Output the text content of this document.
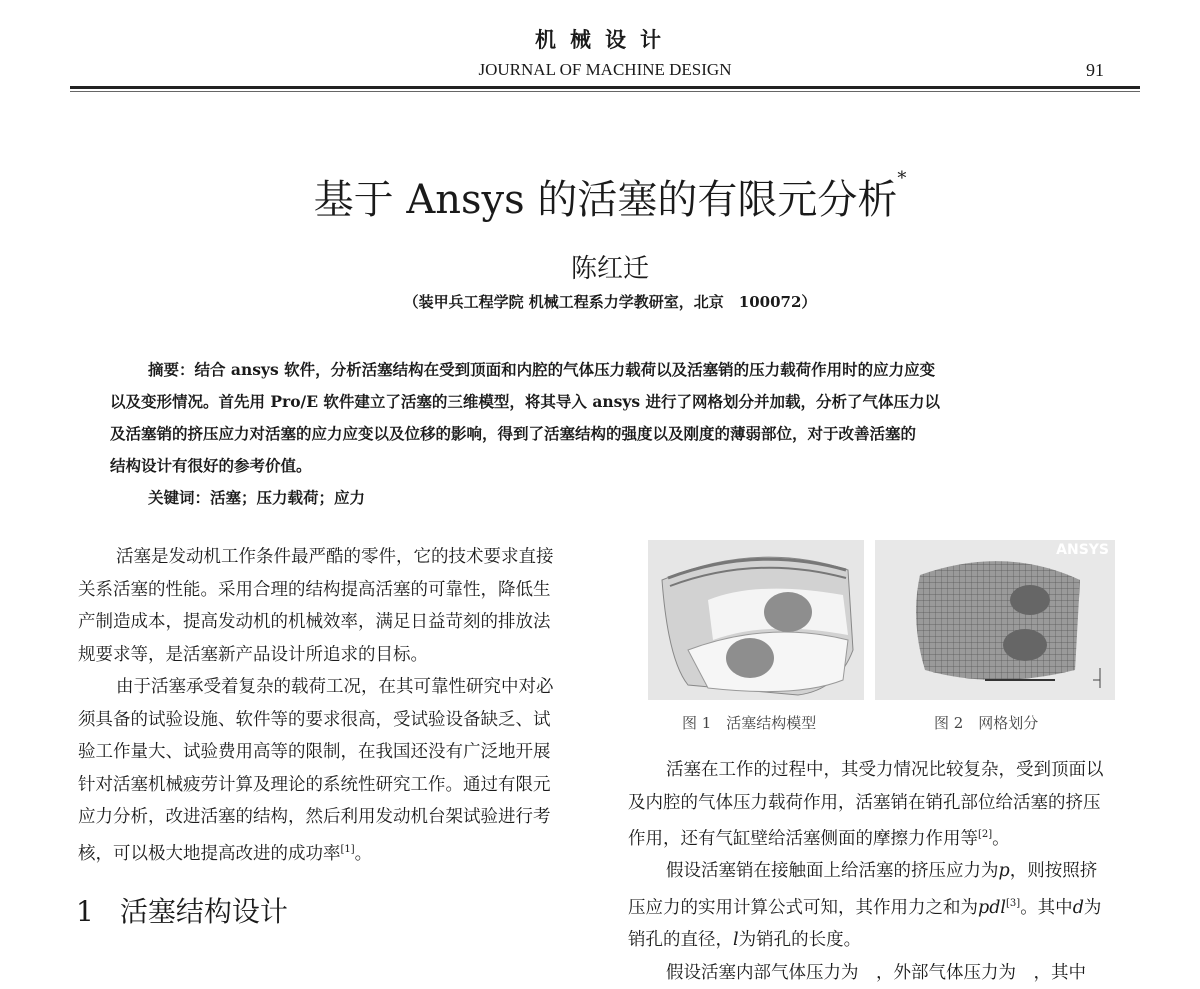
机械设计
JOURNAL OF MACHINE DESIGN	91
基于 Ansys 的活塞的有限元分析*
陈红迁
（装甲兵工程学院 机械工程系力学教研室，北京　100072）
摘要：结合 ansys 软件，分析活塞结构在受到顶面和内腔的气体压力载荷以及活塞销的压力载荷作用时的应力应变
以及变形情况。首先用 Pro/E 软件建立了活塞的三维模型，将其导入 ansys 进行了网格划分并加载，分析了气体压力以
及活塞销的挤压应力对活塞的应力应变以及位移的影响，得到了活塞结构的强度以及刚度的薄弱部位，对于改善活塞的
结构设计有很好的参考价值。
关键词：活塞；压力载荷；应力
活塞是发动机工作条件最严酷的零件，它的技术要求直接
关系活塞的性能。采用合理的结构提高活塞的可靠性，降低生
产制造成本，提高发动机的机械效率，满足日益苛刻的排放法
规要求等，是活塞新产品设计所追求的目标。
由于活塞承受着复杂的载荷工况，在其可靠性研究中对必
须具备的试验设施、软件等的要求很高，受试验设备缺乏、试
验工作量大、试验费用高等的限制，在我国还没有广泛地开展
针对活塞机械疲劳计算及理论的系统性研究工作。通过有限元
应力分析，改进活塞的结构，然后利用发动机台架试验进行考
核，可以极大地提高改进的成功率[1]。
1 活塞结构设计
ANSYS
图 1　活塞结构模型	图 2　网格划分
活塞在工作的过程中，其受力情况比较复杂，受到顶面以
及内腔的气体压力载荷作用，活塞销在销孔部位给活塞的挤压
作用，还有气缸壁给活塞侧面的摩擦力作用等[2]。
假设活塞销在接触面上给活塞的挤压应力为p，则按照挤
压应力的实用计算公式可知，其作用力之和为pdl[3]。其中d为
销孔的直径，l为销孔的长度。
假设活塞内部气体压力为　，外部气体压力为　，其中
